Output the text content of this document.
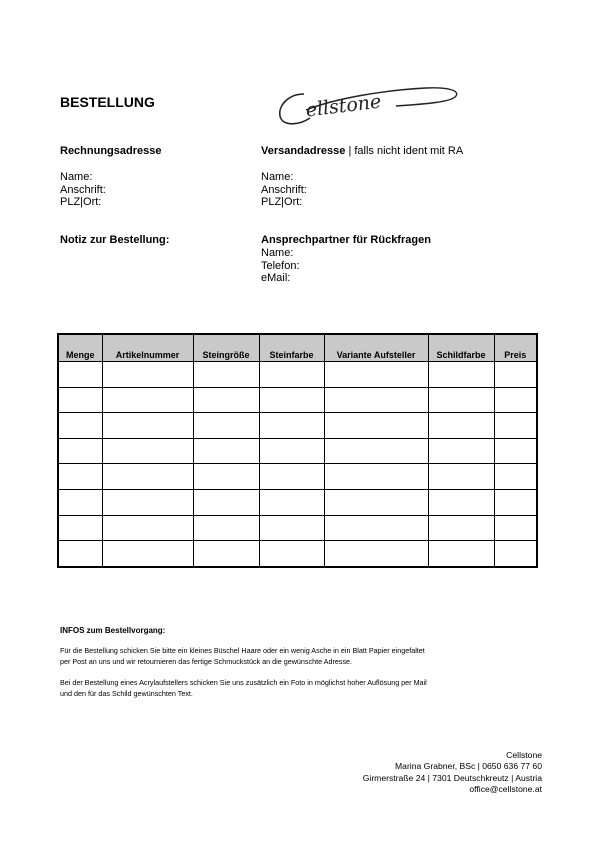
BESTELLUNG	ellstone
Rechnungsadresse
Name:
Anschrift:
PLZ|Ort:
Versandadresse | falls nicht ident mit RA
Name:
Anschrift:
PLZ|Ort:
Notiz zur Bestellung:	Ansprechpartner für Rückfragen
Name:
Telefon:
eMail:
Menge	Artikelnummer	Steingröße	Steinfarbe	Variante Aufsteller	Schildfarbe	Preis

INFOS zum Bestellvorgang:
Für die Bestellung schicken Sie bitte ein kleines Büschel Haare oder ein wenig Asche in ein Blatt Papier eingefaltet
per Post an uns und wir retournieren das fertige Schmuckstück an die gewünschte Adresse.
Bei der Bestellung eines Acrylaufstellers schicken Sie uns zusätzlich ein Foto in möglichst hoher Auflösung per Mail
und den für das Schild gewünschten Text.
Cellstone
Marina Grabner, BSc | 0650 636 77 60
Girmerstraße 24 | 7301 Deutschkreutz | Austria
office@cellstone.at
